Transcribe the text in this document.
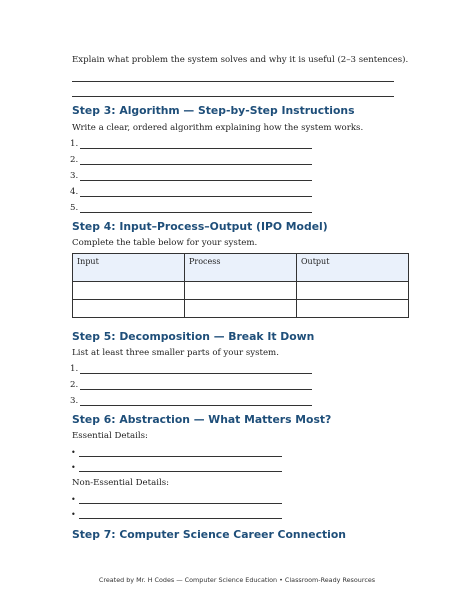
Explain what problem the system solves and why it is useful (2–3 sentences).
Step 3: Algorithm — Step-by-Step Instructions
Write a clear, ordered algorithm explaining how the system works.
1.
2.
3.
4.
5.
Step 4: Input–Process–Output (IPO Model)
Complete the table below for your system.
Input	Process	Output

Step 5: Decomposition — Break It Down
List at least three smaller parts of your system.
1.
2.
3.
Step 6: Abstraction — What Matters Most?
Essential Details:
•
•
Non-Essential Details:
•
•
Step 7: Computer Science Career Connection
Created by Mr. H Codes — Computer Science Education • Classroom-Ready Resources
